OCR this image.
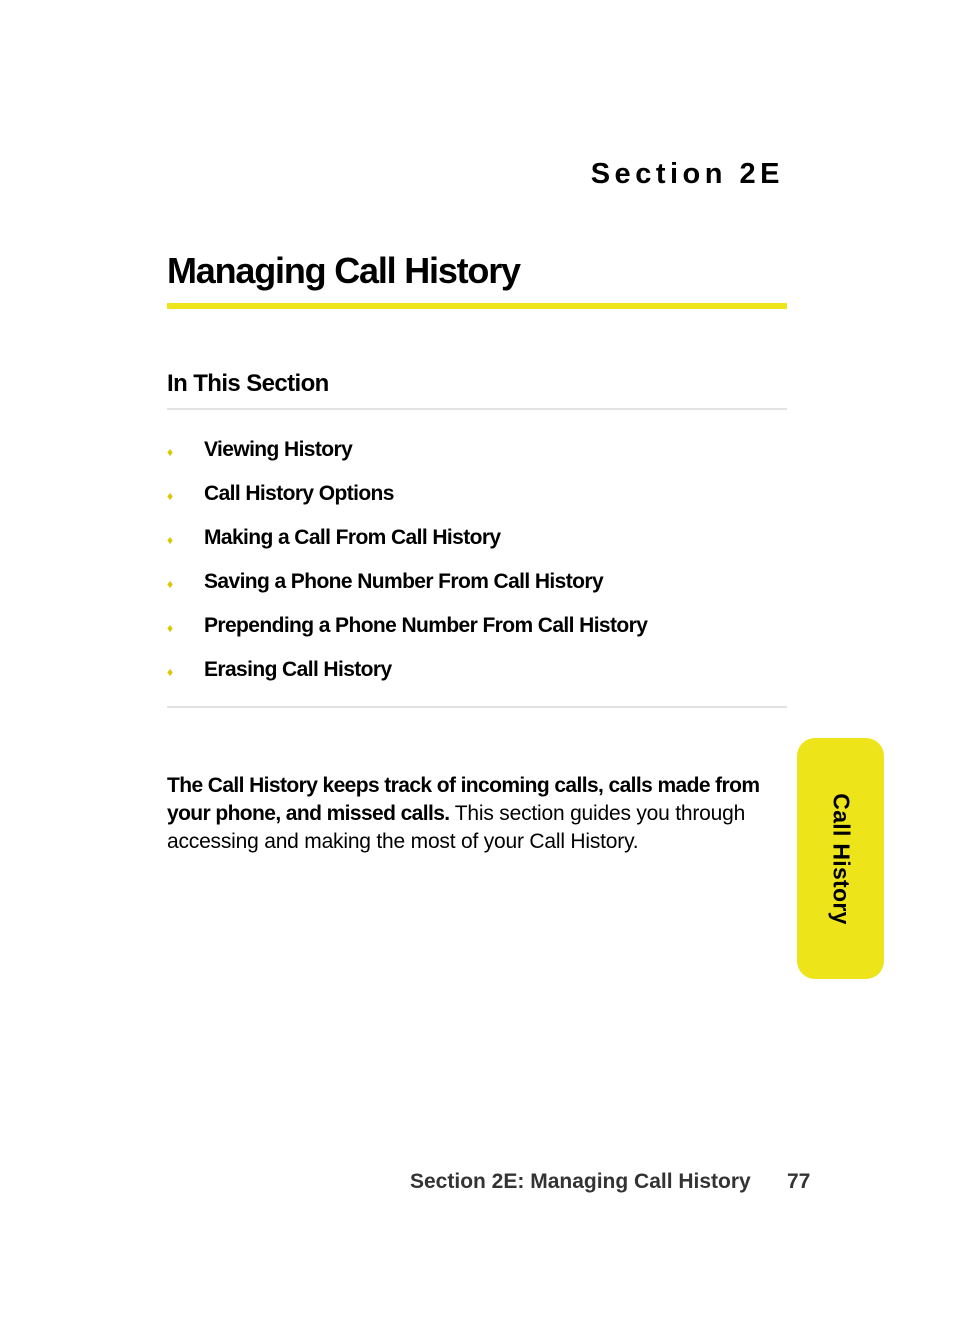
Section 2E
Managing Call History
In This Section
♦	Viewing History
♦	Call History Options
♦	Making a Call From Call History
♦	Saving a Phone Number From Call History
♦	Prepending a Phone Number From Call History
♦	Erasing Call History

The Call History keeps track of incoming calls, calls made from your phone, and missed calls. This section guides you through accessing and making the most of your Call History.	Call History
Section 2E: Managing Call History 77
